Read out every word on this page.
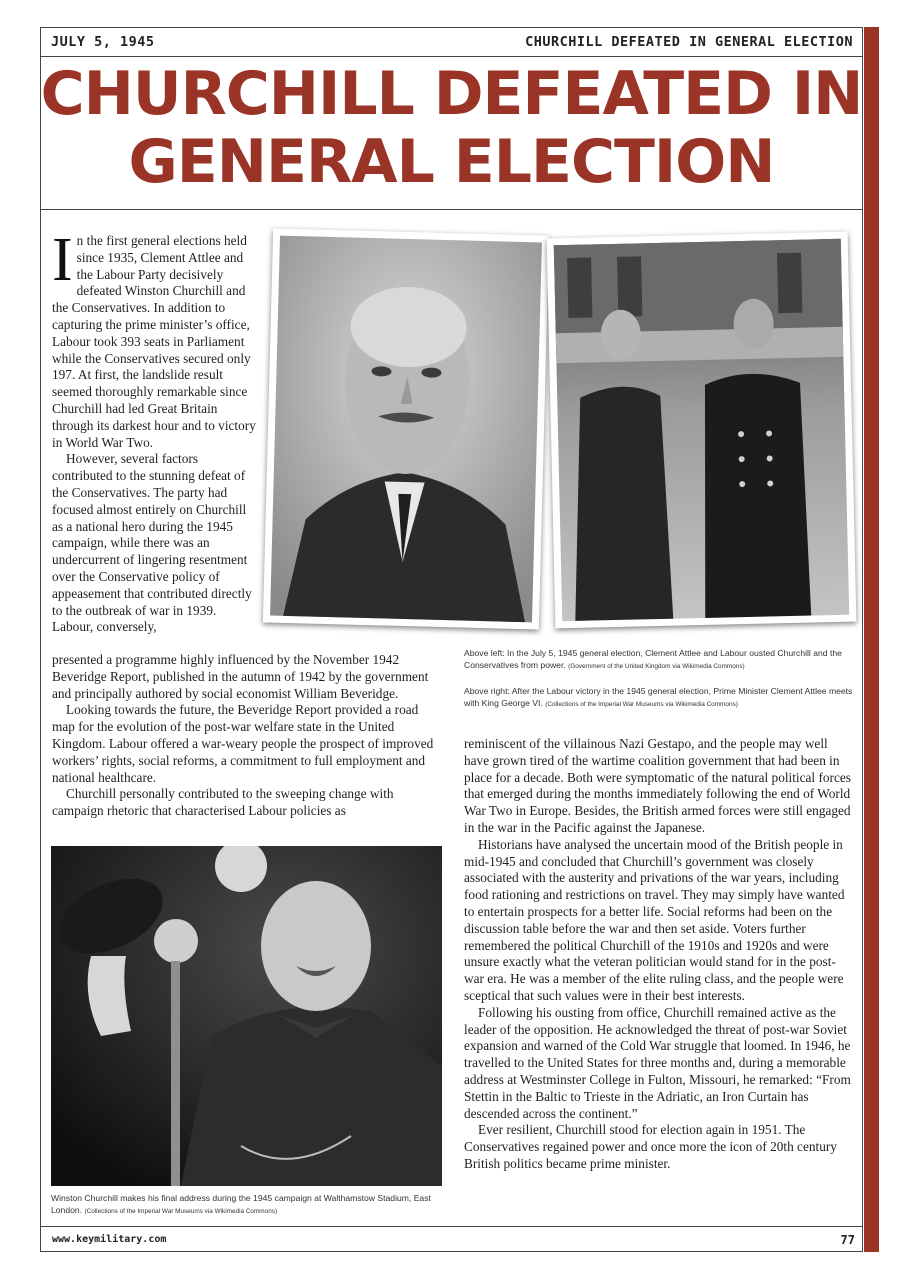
JULY 5, 1945	CHURCHILL DEFEATED IN GENERAL ELECTION
CHURCHILL DEFEATED IN GENERAL ELECTION

In the first general elections held since 1935, Clement Attlee and the Labour Party decisively defeated Winston Churchill and the Conservatives. In addition to capturing the prime minister’s office, Labour took 393 seats in Parliament while the Conservatives secured only 197. At first, the landslide result seemed thoroughly remarkable since Churchill had led Great Britain through its darkest hour and to victory in World War Two.

However, several factors contributed to the stunning defeat of the Conservatives. The party had focused almost entirely on Churchill as a national hero during the 1945 campaign, while there was an undercurrent of lingering resentment over the Conservative policy of appeasement that contributed directly to the outbreak of war in 1939. Labour, conversely,

presented a programme highly influenced by the November 1942 Beveridge Report, published in the autumn of 1942 by the government and principally authored by social economist William Beveridge.

Looking towards the future, the Beveridge Report provided a road map for the evolution of the post-war welfare state in the United Kingdom. Labour offered a war-weary people the prospect of improved workers’ rights, social reforms, a commitment to full employment and national healthcare.

Churchill personally contributed to the sweeping change with campaign rhetoric that characterised Labour policies as

Above left: In the July 5, 1945 general election, Clement Attlee and Labour ousted Churchill and the Conservatives from power. (Government of the United Kingdom via Wikimedia Commons)
Above right: After the Labour victory in the 1945 general election, Prime Minister Clement Attlee meets with King George VI. (Collections of the Imperial War Museums via Wikimedia Commons)

reminiscent of the villainous Nazi Gestapo, and the people may well have grown tired of the wartime coalition government that had been in place for a decade. Both were symptomatic of the natural political forces that emerged during the months immediately following the end of World War Two in Europe. Besides, the British armed forces were still engaged in the war in the Pacific against the Japanese.

Historians have analysed the uncertain mood of the British people in mid-1945 and concluded that Churchill’s government was closely associated with the austerity and privations of the war years, including food rationing and restrictions on travel. They may simply have wanted to entertain prospects for a better life. Social reforms had been on the discussion table before the war and then set aside. Voters further remembered the political Churchill of the 1910s and 1920s and were unsure exactly what the veteran politician would stand for in the post-war era. He was a member of the elite ruling class, and the people were sceptical that such values were in their best interests.

Following his ousting from office, Churchill remained active as the leader of the opposition. He acknowledged the threat of post-war Soviet expansion and warned of the Cold War struggle that loomed. In 1946, he travelled to the United States for three months and, during a memorable address at Westminster College in Fulton, Missouri, he remarked: “From Stettin in the Baltic to Trieste in the Adriatic, an Iron Curtain has descended across the continent.”

Ever resilient, Churchill stood for election again in 1951. The Conservatives regained power and once more the icon of 20th century British politics became prime minister.

Winston Churchill makes his final address during the 1945 campaign at Walthamstow Stadium, East London. (Collections of the Imperial War Museums via Wikimedia Commons)
www.keymilitary.com	77
